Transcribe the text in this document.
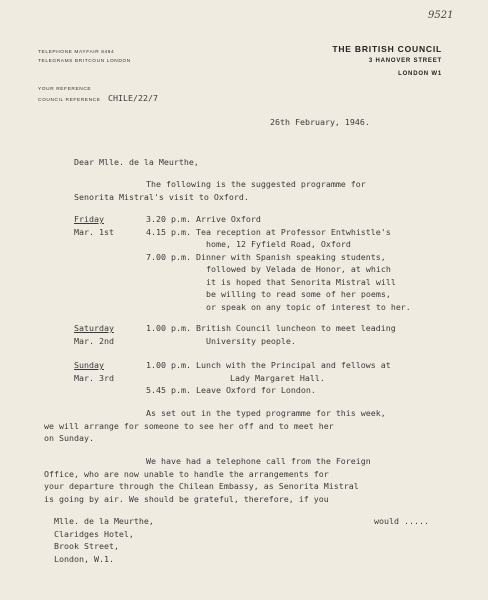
9521
TELEPHONE MAYFAIR 8484
TELEGRAMS BRITCOUN LONDON
YOUR REFERENCE
COUNCIL REFERENCE CHILE/22/7
THE BRITISH COUNCIL
3 HANOVER STREET
LONDON W1
26th February, 1946.
Dear Mlle. de la Meurthe,
The following is the suggested programme for
Senorita Mistral's visit to Oxford.
Friday	3.20 p.m. Arrive Oxford
Mar. 1st	4.15 p.m. Tea reception at Professor Entwhistle's
home, 12 Fyfield Road, Oxford
7.00 p.m. Dinner with Spanish speaking students,
followed by Velada de Honor, at which
it is hoped that Senorita Mistral will
be willing to read some of her poems,
or speak on any topic of interest to her.
Saturday	1.00 p.m. British Council luncheon to meet leading
Mar. 2nd	University people.
Sunday	1.00 p.m. Lunch with the Principal and fellows at
Mar. 3rd	Lady Margaret Hall.
5.45 p.m. Leave Oxford for London.
As set out in the typed programme for this week,
we will arrange for someone to see her off and to meet her
on Sunday.
We have had a telephone call from the Foreign
Office, who are now unable to handle the arrangements for
your departure through the Chilean Embassy, as Senorita Mistral
is going by air. We should be grateful, therefore, if you
Mlle. de la Meurthe,
Claridges Hotel,
Brook Street,
London, W.1.
would .....
